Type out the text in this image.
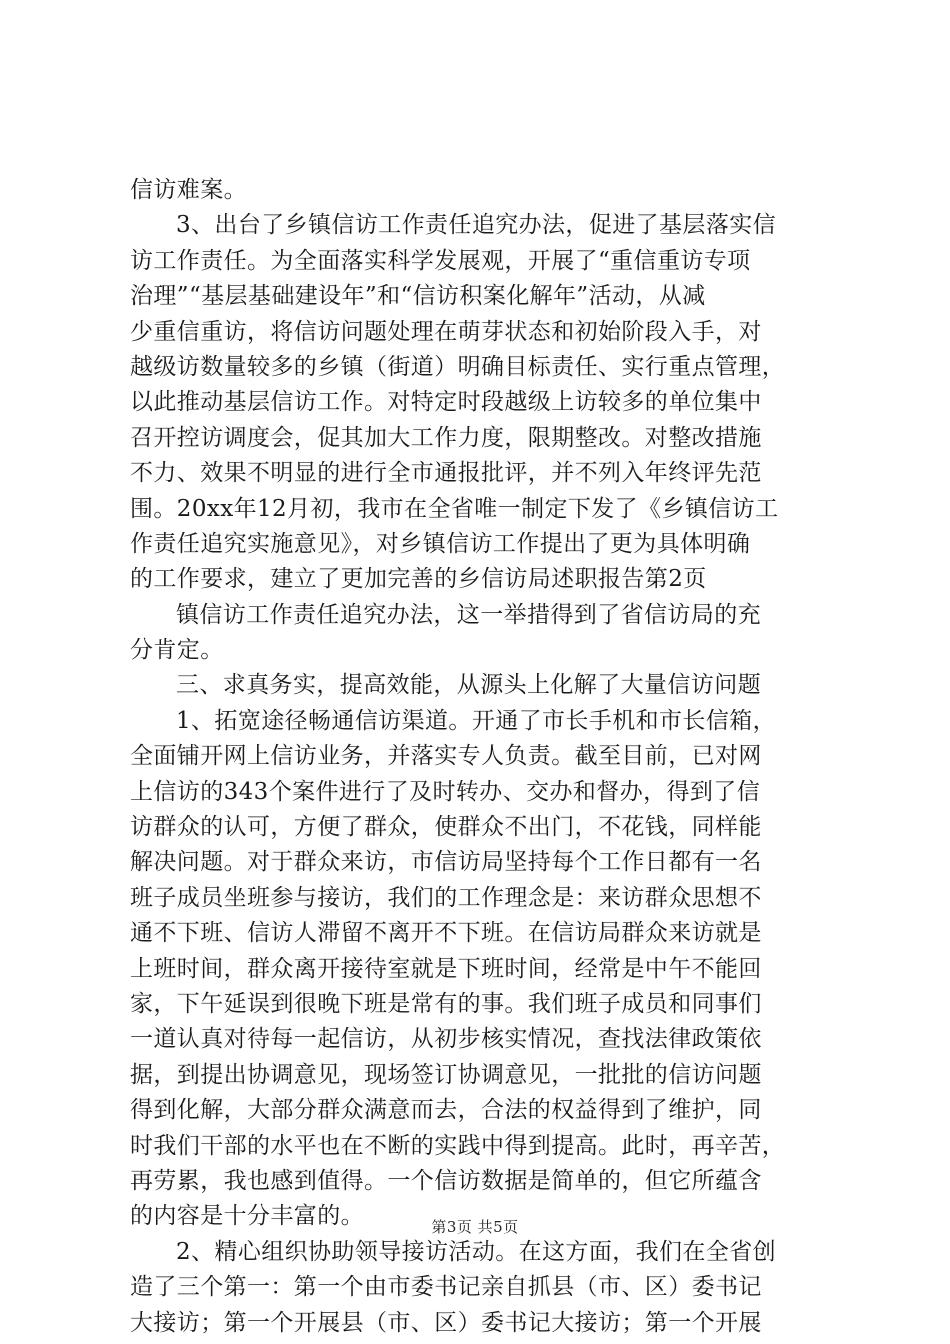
信访难案。
3、出台了乡镇信访工作责任追究办法，促进了基层落实信
访工作责任。为全面落实科学发展观，开展了“重信重访专项
治理”“基层基础建设年”和“信访积案化解年”活动，从减
少重信重访，将信访问题处理在萌芽状态和初始阶段入手，对
越级访数量较多的乡镇（街道）明确目标责任、实行重点管理，
以此推动基层信访工作。对特定时段越级上访较多的单位集中
召开控访调度会，促其加大工作力度，限期整改。对整改措施
不力、效果不明显的进行全市通报批评，并不列入年终评先范
围。20xx年12月初，我市在全省唯一制定下发了《乡镇信访工
作责任追究实施意见》，对乡镇信访工作提出了更为具体明确
的工作要求，建立了更加完善的乡信访局述职报告第2页
镇信访工作责任追究办法，这一举措得到了省信访局的充
分肯定。
三、求真务实，提高效能，从源头上化解了大量信访问题
1、拓宽途径畅通信访渠道。开通了市长手机和市长信箱，
全面铺开网上信访业务，并落实专人负责。截至目前，已对网
上信访的343个案件进行了及时转办、交办和督办，得到了信
访群众的认可，方便了群众，使群众不出门，不花钱，同样能
解决问题。对于群众来访，市信访局坚持每个工作日都有一名
班子成员坐班参与接访，我们的工作理念是：来访群众思想不
通不下班、信访人滞留不离开不下班。在信访局群众来访就是
上班时间，群众离开接待室就是下班时间，经常是中午不能回
家，下午延误到很晚下班是常有的事。我们班子成员和同事们
一道认真对待每一起信访，从初步核实情况，查找法律政策依
据，到提出协调意见，现场签订协调意见，一批批的信访问题
得到化解，大部分群众满意而去，合法的权益得到了维护，同
时我们干部的水平也在不断的实践中得到提高。此时，再辛苦，
再劳累，我也感到值得。一个信访数据是简单的，但它所蕴含
的内容是十分丰富的。
2、精心组织协助领导接访活动。在这方面，我们在全省创
造了三个第一：第一个由市委书记亲自抓县（市、区）委书记
大接访；第一个开展县（市、区）委书记大接访；第一个开展
第3页 共5页
